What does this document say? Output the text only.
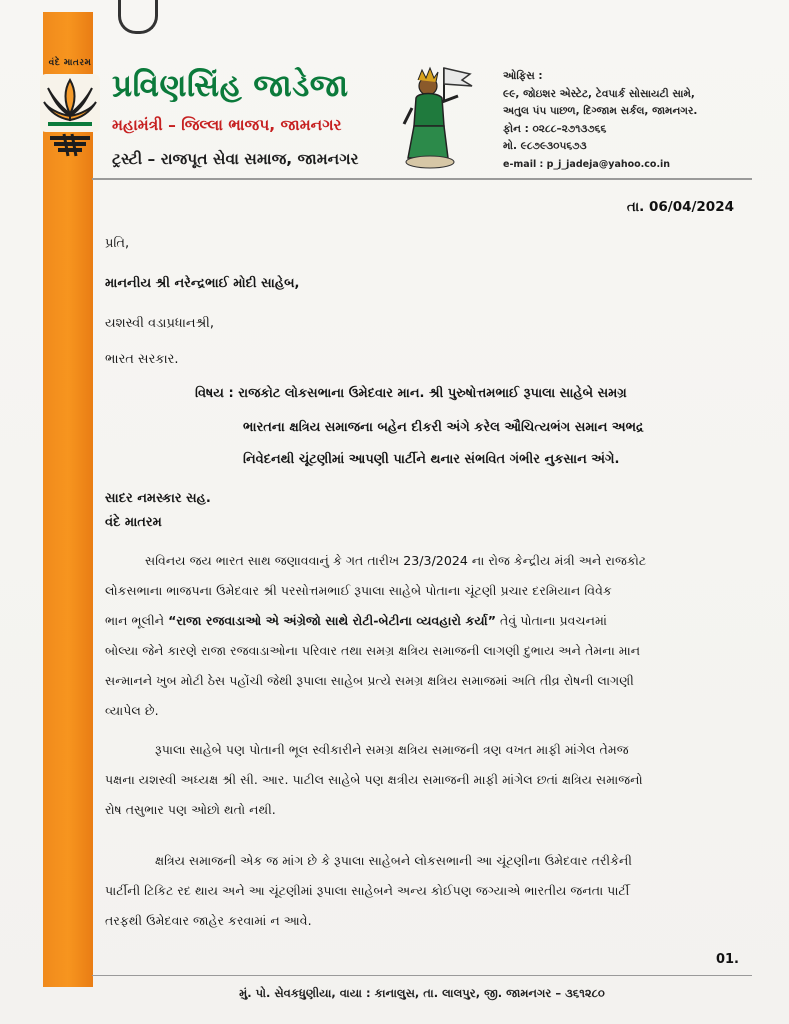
વંદે માતરમ
પ્રવિણસિંહ જાડેજા
મહામંત્રી – જિલ્લા ભાજપ, જામનગર
ટ્રસ્ટી – રાજપૂત સેવા સમાજ, જામનગર
ઓફિસ :
૯૯, જોઇશર એસ્ટેટ, ટેવપાર્ક સોસાયટી સામે,
અતુલ પંપ પાછળ, દિગ્જામ સર્કલ, જામનગર.
ફોન : ૦૨૮૮–૨૭૧૩૭૬૬
મો. ૯૮૭૯૩૦૫૬૭૩
e-mail : p_j_jadeja@yahoo.co.in
તા. 06/04/2024
પ્રતિ,
માનનીય શ્રી નરેન્દ્રભાઈ મોદી સાહેબ,
યશસ્વી વડાપ્રધાનશ્રી,
ભારત સરકાર.
વિષય : રાજકોટ લોકસભાના ઉમેદવાર માન. શ્રી પુરુષોત્તમભાઈ રૂપાલા સાહેબે સમગ્ર
ભારતના ક્ષત્રિય સમાજના બહેન દીકરી અંગે કરેલ ઔચિત્યભંગ સમાન અભદ્ર
નિવેદનથી ચૂંટણીમાં આપણી પાર્ટીને થનાર સંભવિત ગંભીર નુકસાન અંગે.
સાદર નમસ્કાર સહ.
વંદે માતરમ
સવિનય જય ભારત સાથ જણાવવાનું કે ગત તારીખ 23/3/2024 ના રોજ કેન્દ્રીય મંત્રી અને રાજકોટ
લોકસભાના ભાજપના ઉમેદવાર શ્રી પરસોત્તમભાઈ રૂપાલા સાહેબે પોતાના ચૂંટણી પ્રચાર દરમિયાન વિવેક
ભાન ભૂલીને “રાજા રજવાડાઓ એ અંગ્રેજો સાથે રોટી-બેટીના વ્યવહારો કર્યા” તેવું પોતાના પ્રવચનમાં
બોલ્યા જેને કારણે રાજા રજવાડાઓના પરિવાર તથા સમગ્ર ક્ષત્રિય સમાજની લાગણી દુભાય અને તેમના માન
સન્માનને ખુબ મોટી ઠેસ પહોંચી જેથી રૂપાલા સાહેબ પ્રત્યે સમગ્ર ક્ષત્રિય સમાજમાં અતિ તીવ્ર રોષની લાગણી
વ્યાપેલ છે.
રૂપાલા સાહેબે પણ પોતાની ભૂલ સ્વીકારીને સમગ્ર ક્ષત્રિય સમાજની ત્રણ વખત માફી માંગેલ તેમજ
પક્ષના યશસ્વી અધ્યક્ષ શ્રી સી. આર. પાટીલ સાહેબે પણ ક્ષત્રીય સમાજની માફી માંગેલ છતાં ક્ષત્રિય સમાજનો
રોષ તસુભાર પણ ઓછો થતો નથી.
ક્ષત્રિય સમાજની એક જ માંગ છે કે રૂપાલા સાહેબને લોકસભાની આ ચૂંટણીના ઉમેદવાર તરીકેની
પાર્ટીની ટિકિટ રદ થાય અને આ ચૂંટણીમાં રૂપાલા સાહેબને અન્ય કોઈપણ જગ્યાએ ભારતીય જનતા પાર્ટી
તરફથી ઉમેદવાર જાહેર કરવામાં ન આવે.
01.
મું. પો. સેવકધુણીયા, વાયા : કાનાલુસ, તા. લાલપુર, જી. જામનગર – ૩૬૧૨૮૦
